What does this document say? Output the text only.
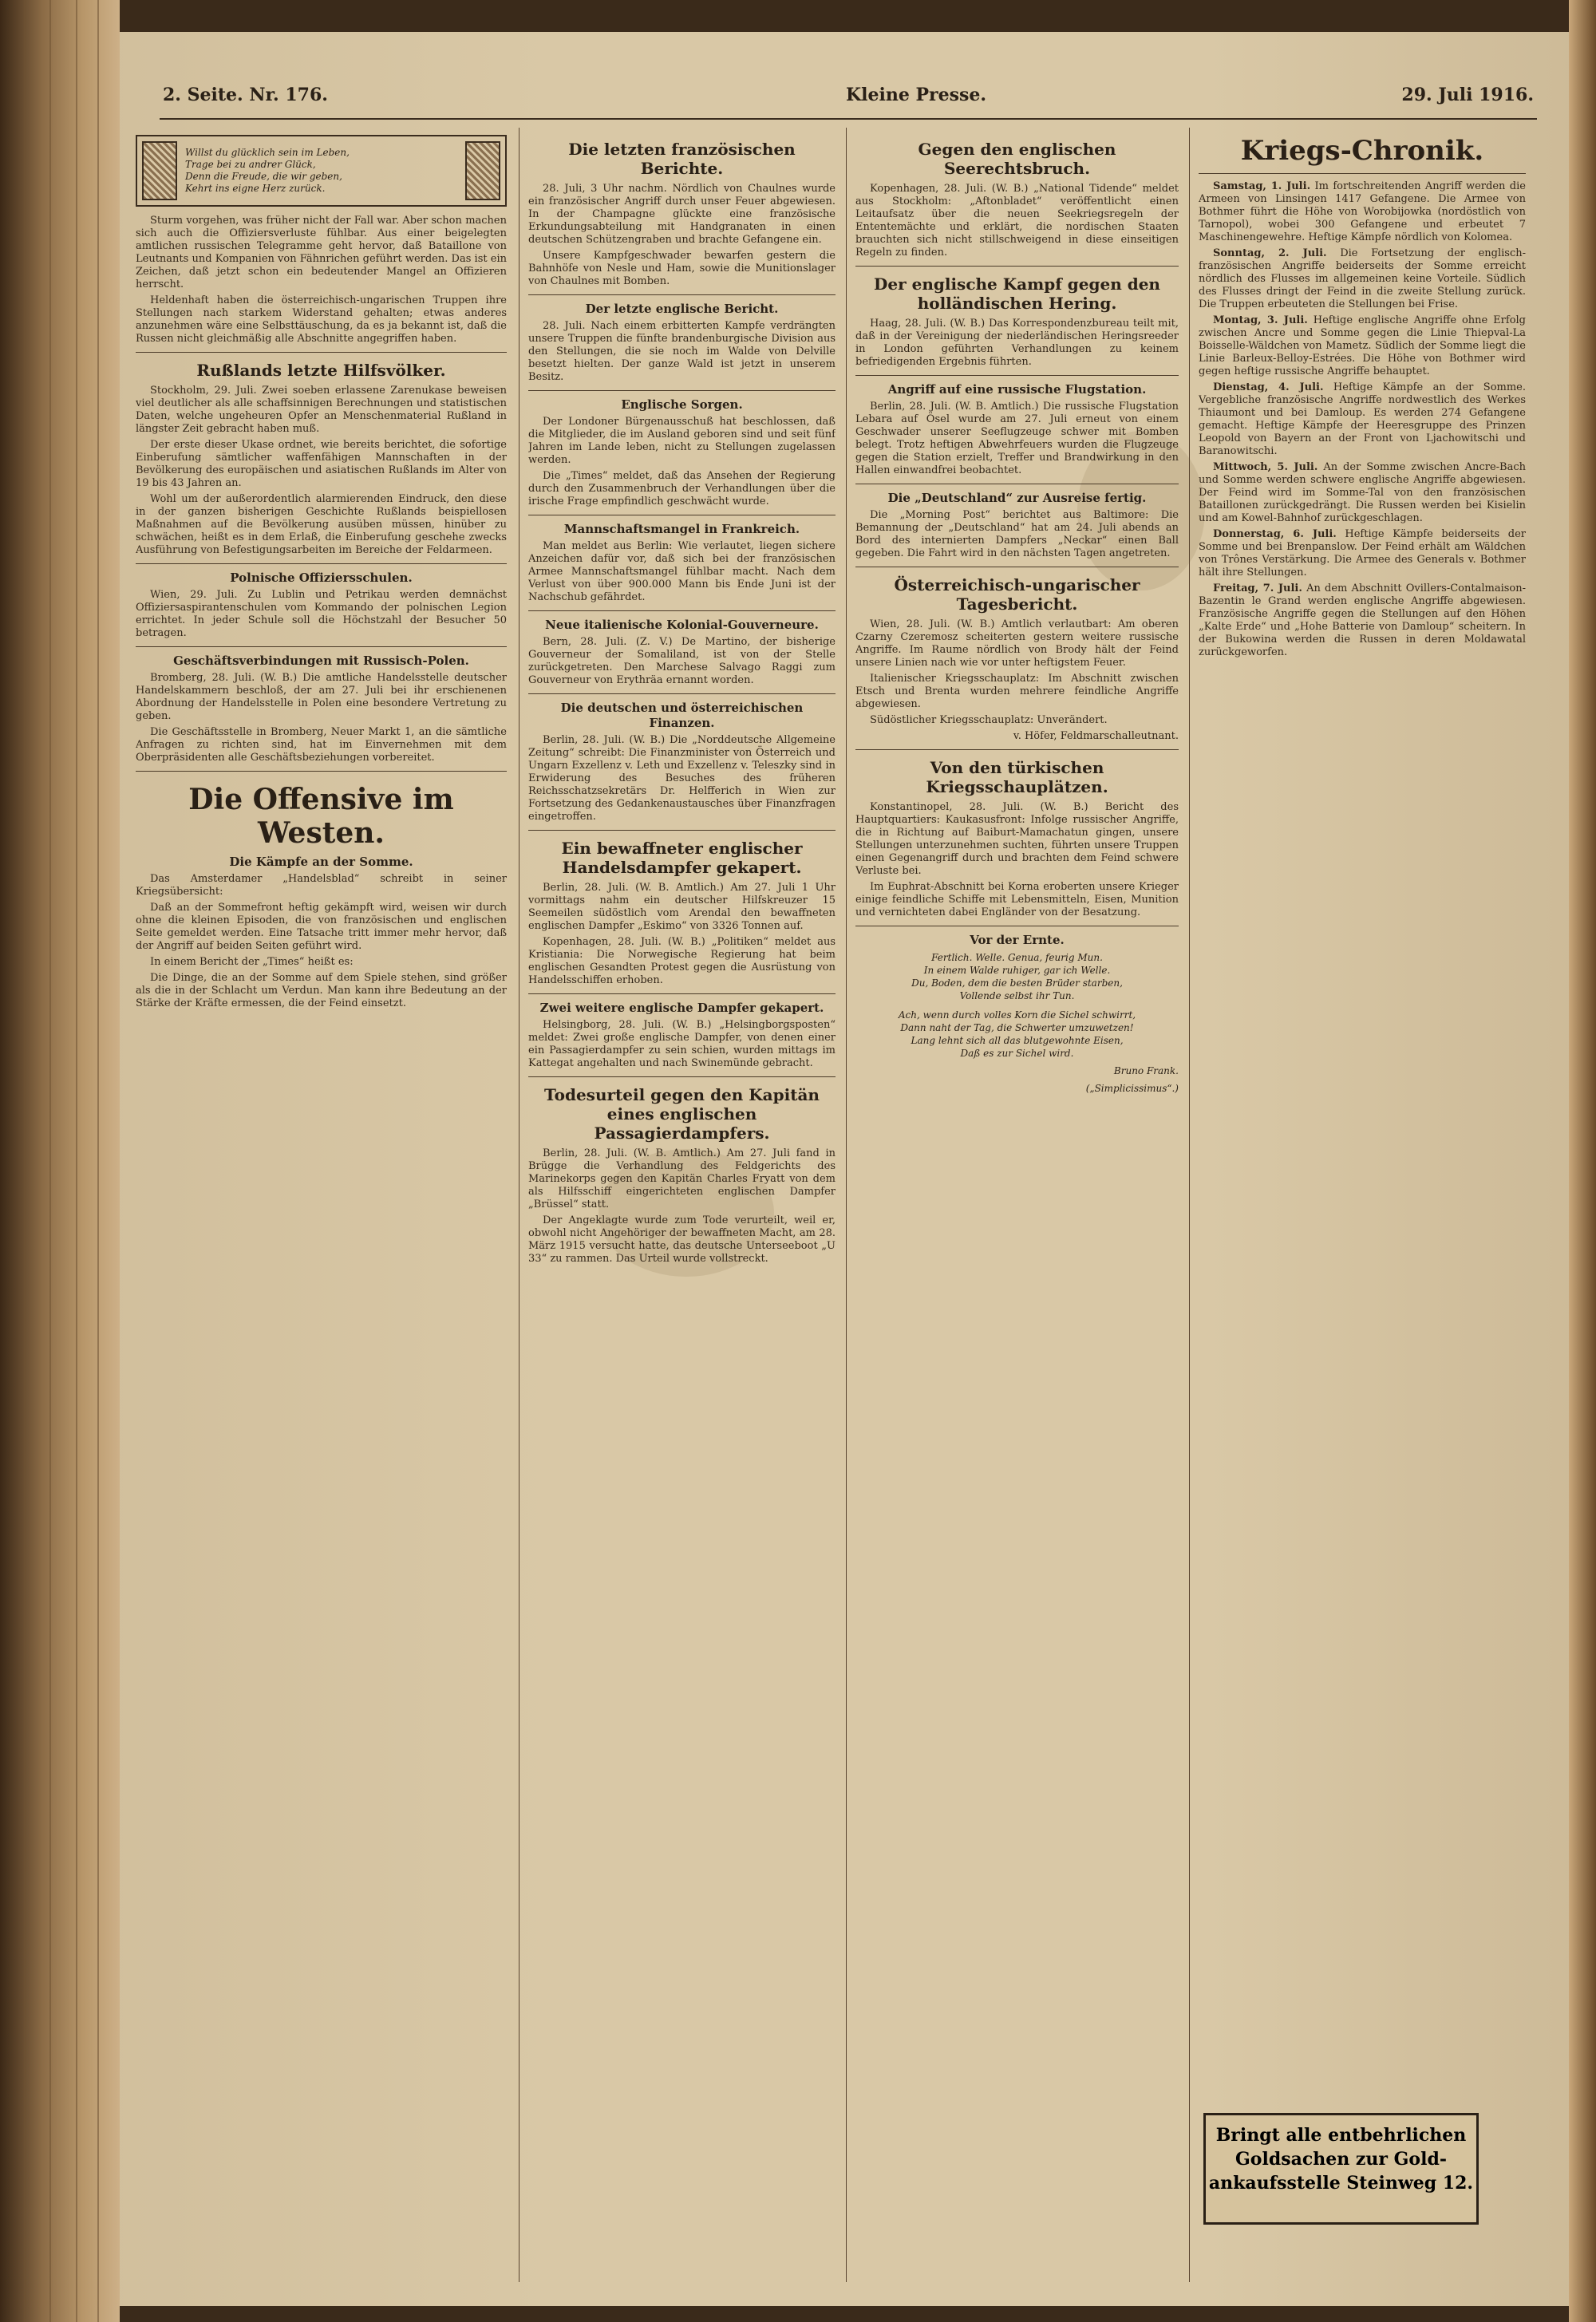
2. Seite. Nr. 176.	Kleine Presse.	29. Juli 1916.
Willst du glücklich sein im Leben,
Trage bei zu andrer Glück,
Denn die Freude, die wir geben,
Kehrt ins eigne Herz zurück.

Sturm vorgehen, was früher nicht der Fall war. Aber schon machen sich auch die Offiziersverluste fühlbar. Aus einer beigelegten amtlichen russischen Telegramme geht hervor, daß Bataillone von Leutnants und Kompanien von Fähnrichen geführt werden. Das ist ein Zeichen, daß jetzt schon ein bedeutender Mangel an Offizieren herrscht.

Heldenhaft haben die österreichisch-ungarischen Truppen ihre Stellungen nach starkem Widerstand gehalten; etwas anderes anzunehmen wäre eine Selbsttäuschung, da es ja bekannt ist, daß die Russen nicht gleichmäßig alle Abschnitte angegriffen haben.

Rußlands letzte Hilfsvölker.

Stockholm, 29. Juli. Zwei soeben erlassene Zarenukase beweisen viel deutlicher als alle schaffsinnigen Berechnungen und statistischen Daten, welche ungeheuren Opfer an Menschenmaterial Rußland in längster Zeit gebracht haben muß.

Der erste dieser Ukase ordnet, wie bereits berichtet, die sofortige Einberufung sämtlicher waffenfähigen Mannschaften in der Bevölkerung des europäischen und asiatischen Rußlands im Alter von 19 bis 43 Jahren an.

Wohl um der außerordentlich alarmierenden Eindruck, den diese in der ganzen bisherigen Geschichte Rußlands beispiellosen Maßnahmen auf die Bevölkerung ausüben müssen, hinüber zu schwächen, heißt es in dem Erlaß, die Einberufung geschehe zwecks Ausführung von Befestigungsarbeiten im Bereiche der Feldarmeen.

Polnische Offiziersschulen.

Wien, 29. Juli. Zu Lublin und Petrikau werden demnächst Offiziersaspirantenschulen vom Kommando der polnischen Legion errichtet. In jeder Schule soll die Höchstzahl der Besucher 50 betragen.

Geschäftsverbindungen mit Russisch-Polen.

Bromberg, 28. Juli. (W. B.) Die amtliche Handelsstelle deutscher Handelskammern beschloß, der am 27. Juli bei ihr erschienenen Abordnung der Handelsstelle in Polen eine besondere Vertretung zu geben.

Die Geschäftsstelle in Bromberg, Neuer Markt 1, an die sämtliche Anfragen zu richten sind, hat im Einvernehmen mit dem Oberpräsidenten alle Geschäftsbeziehungen vorbereitet.

Die Offensive im Westen.
Die Kämpfe an der Somme.

Das Amsterdamer „Handelsblad“ schreibt in seiner Kriegsübersicht:

Daß an der Sommefront heftig gekämpft wird, weisen wir durch ohne die kleinen Episoden, die von französischen und englischen Seite gemeldet werden. Eine Tatsache tritt immer mehr hervor, daß der Angriff auf beiden Seiten geführt wird.

In einem Bericht der „Times“ heißt es:

Die Dinge, die an der Somme auf dem Spiele stehen, sind größer als die in der Schlacht um Verdun. Man kann ihre Bedeutung an der Stärke der Kräfte ermessen, die der Feind einsetzt.

Die letzten französischen Berichte.

28. Juli, 3 Uhr nachm. Nördlich von Chaulnes wurde ein französischer Angriff durch unser Feuer abgewiesen. In der Champagne glückte eine französische Erkundungsabteilung mit Handgranaten in einen deutschen Schützengraben und brachte Gefangene ein.

Unsere Kampfgeschwader bewarfen gestern die Bahnhöfe von Nesle und Ham, sowie die Munitionslager von Chaulnes mit Bomben.

Der letzte englische Bericht.

28. Juli. Nach einem erbitterten Kampfe verdrängten unsere Truppen die fünfte brandenburgische Division aus den Stellungen, die sie noch im Walde von Delville besetzt hielten. Der ganze Wald ist jetzt in unserem Besitz.

Englische Sorgen.

Der Londoner Bürgenausschuß hat beschlossen, daß die Mitglieder, die im Ausland geboren sind und seit fünf Jahren im Lande leben, nicht zu Stellungen zugelassen werden.

Die „Times“ meldet, daß das Ansehen der Regierung durch den Zusammenbruch der Verhandlungen über die irische Frage empfindlich geschwächt wurde.

Mannschaftsmangel in Frankreich.

Man meldet aus Berlin: Wie verlautet, liegen sichere Anzeichen dafür vor, daß sich bei der französischen Armee Mannschaftsmangel fühlbar macht. Nach dem Verlust von über 900.000 Mann bis Ende Juni ist der Nachschub gefährdet.

Neue italienische Kolonial-Gouverneure.

Bern, 28. Juli. (Z. V.) De Martino, der bisherige Gouverneur der Somaliland, ist von der Stelle zurückgetreten. Den Marchese Salvago Raggi zum Gouverneur von Erythräa ernannt worden.

Die deutschen und österreichischen Finanzen.

Berlin, 28. Juli. (W. B.) Die „Norddeutsche Allgemeine Zeitung“ schreibt: Die Finanzminister von Österreich und Ungarn Exzellenz v. Leth und Exzellenz v. Teleszky sind in Erwiderung des Besuches des früheren Reichsschatzsekretärs Dr. Helfferich in Wien zur Fortsetzung des Gedankenaustausches über Finanzfragen eingetroffen.

Ein bewaffneter englischer Handelsdampfer gekapert.

Berlin, 28. Juli. (W. B. Amtlich.) Am 27. Juli 1 Uhr vormittags nahm ein deutscher Hilfskreuzer 15 Seemeilen südöstlich vom Arendal den bewaffneten englischen Dampfer „Eskimo“ von 3326 Tonnen auf.

Kopenhagen, 28. Juli. (W. B.) „Politiken“ meldet aus Kristiania: Die Norwegische Regierung hat beim englischen Gesandten Protest gegen die Ausrüstung von Handelsschiffen erhoben.

Zwei weitere englische Dampfer gekapert.

Helsingborg, 28. Juli. (W. B.) „Helsingborgsposten“ meldet: Zwei große englische Dampfer, von denen einer ein Passagierdampfer zu sein schien, wurden mittags im Kattegat angehalten und nach Swinemünde gebracht.

Todesurteil gegen den Kapitän eines englischen Passagierdampfers.

Berlin, 28. Juli. (W. B. Amtlich.) Am 27. Juli fand in Brügge die Verhandlung des Feldgerichts des Marinekorps gegen den Kapitän Charles Fryatt von dem als Hilfsschiff eingerichteten englischen Dampfer „Brüssel“ statt.

Der Angeklagte wurde zum Tode verurteilt, weil er, obwohl nicht Angehöriger der bewaffneten Macht, am 28. März 1915 versucht hatte, das deutsche Unterseeboot „U 33“ zu rammen. Das Urteil wurde vollstreckt.

Gegen den englischen Seerechtsbruch.

Kopenhagen, 28. Juli. (W. B.) „National Tidende“ meldet aus Stockholm: „Aftonbladet“ veröffentlicht einen Leitaufsatz über die neuen Seekriegsregeln der Ententemächte und erklärt, die nordischen Staaten brauchten sich nicht stillschweigend in diese einseitigen Regeln zu finden.

Der englische Kampf gegen den holländischen Hering.

Haag, 28. Juli. (W. B.) Das Korrespondenzbureau teilt mit, daß in der Vereinigung der niederländischen Heringsreeder in London geführten Verhandlungen zu keinem befriedigenden Ergebnis führten.

Angriff auf eine russische Flugstation.

Berlin, 28. Juli. (W. B. Amtlich.) Die russische Flugstation Lebara auf Ösel wurde am 27. Juli erneut von einem Geschwader unserer Seeflugzeuge schwer mit Bomben belegt. Trotz heftigen Abwehrfeuers wurden die Flugzeuge gegen die Station erzielt, Treffer und Brandwirkung in den Hallen einwandfrei beobachtet.

Die „Deutschland“ zur Ausreise fertig.

Die „Morning Post“ berichtet aus Baltimore: Die Bemannung der „Deutschland“ hat am 24. Juli abends an Bord des internierten Dampfers „Neckar“ einen Ball gegeben. Die Fahrt wird in den nächsten Tagen angetreten.

Österreichisch-ungarischer Tagesbericht.

Wien, 28. Juli. (W. B.) Amtlich verlautbart: Am oberen Czarny Czeremosz scheiterten gestern weitere russische Angriffe. Im Raume nördlich von Brody hält der Feind unsere Linien nach wie vor unter heftigstem Feuer.

Italienischer Kriegsschauplatz: Im Abschnitt zwischen Etsch und Brenta wurden mehrere feindliche Angriffe abgewiesen.

Südöstlicher Kriegsschauplatz: Unverändert.

v. Höfer, Feldmarschalleutnant.

Von den türkischen Kriegsschauplätzen.

Konstantinopel, 28. Juli. (W. B.) Bericht des Hauptquartiers: Kaukasusfront: Infolge russischer Angriffe, die in Richtung auf Baiburt-Mamachatun gingen, unsere Stellungen unterzunehmen suchten, führten unsere Truppen einen Gegenangriff durch und brachten dem Feind schwere Verluste bei.

Im Euphrat-Abschnitt bei Korna eroberten unsere Krieger einige feindliche Schiffe mit Lebensmitteln, Eisen, Munition und vernichteten dabei Engländer von der Besatzung.

Vor der Ernte.
Fertlich. Welle. Genua, feurig Mun.
In einem Walde ruhiger, gar ich Welle.
Du, Boden, dem die besten Brüder starben,
Vollende selbst ihr Tun.
Ach, wenn durch volles Korn die Sichel schwirrt,
Dann naht der Tag, die Schwerter umzuwetzen!
Lang lehnt sich all das blutgewohnte Eisen,
Daß es zur Sichel wird.
Bruno Frank.
(„Simplicissimus“.)
Kriegs-Chronik.

Samstag, 1. Juli. Im fortschreitenden Angriff werden die Armeen von Linsingen 1417 Gefangene. Die Armee von Bothmer führt die Höhe von Worobijowka (nordöstlich von Tarnopol), wobei 300 Gefangene und erbeutet 7 Maschinengewehre. Heftige Kämpfe nördlich von Kolomea.

Sonntag, 2. Juli. Die Fortsetzung der englisch-französischen Angriffe beiderseits der Somme erreicht nördlich des Flusses im allgemeinen keine Vorteile. Südlich des Flusses dringt der Feind in die zweite Stellung zurück. Die Truppen erbeuteten die Stellungen bei Frise.

Montag, 3. Juli. Heftige englische Angriffe ohne Erfolg zwischen Ancre und Somme gegen die Linie Thiepval-La Boisselle-Wäldchen von Mametz. Südlich der Somme liegt die Linie Barleux-Belloy-Estrées. Die Höhe von Bothmer wird gegen heftige russische Angriffe behauptet.

Dienstag, 4. Juli. Heftige Kämpfe an der Somme. Vergebliche französische Angriffe nordwestlich des Werkes Thiaumont und bei Damloup. Es werden 274 Gefangene gemacht. Heftige Kämpfe der Heeresgruppe des Prinzen Leopold von Bayern an der Front von Ljachowitschi und Baranowitschi.

Mittwoch, 5. Juli. An der Somme zwischen Ancre-Bach und Somme werden schwere englische Angriffe abgewiesen. Der Feind wird im Somme-Tal von den französischen Bataillonen zurückgedrängt. Die Russen werden bei Kisielin und am Kowel-Bahnhof zurückgeschlagen.

Donnerstag, 6. Juli. Heftige Kämpfe beiderseits der Somme und bei Brenpanslow. Der Feind erhält am Wäldchen von Trônes Verstärkung. Die Armee des Generals v. Bothmer hält ihre Stellungen.

Freitag, 7. Juli. An dem Abschnitt Ovillers-Contalmaison-Bazentin le Grand werden englische Angriffe abgewiesen. Französische Angriffe gegen die Stellungen auf den Höhen „Kalte Erde“ und „Hohe Batterie von Damloup“ scheitern. In der Bukowina werden die Russen in deren Moldawatal zurückgeworfen.

Bringt alle entbehrlichen
Goldsachen zur Gold-
ankaufsstelle Steinweg 12.
